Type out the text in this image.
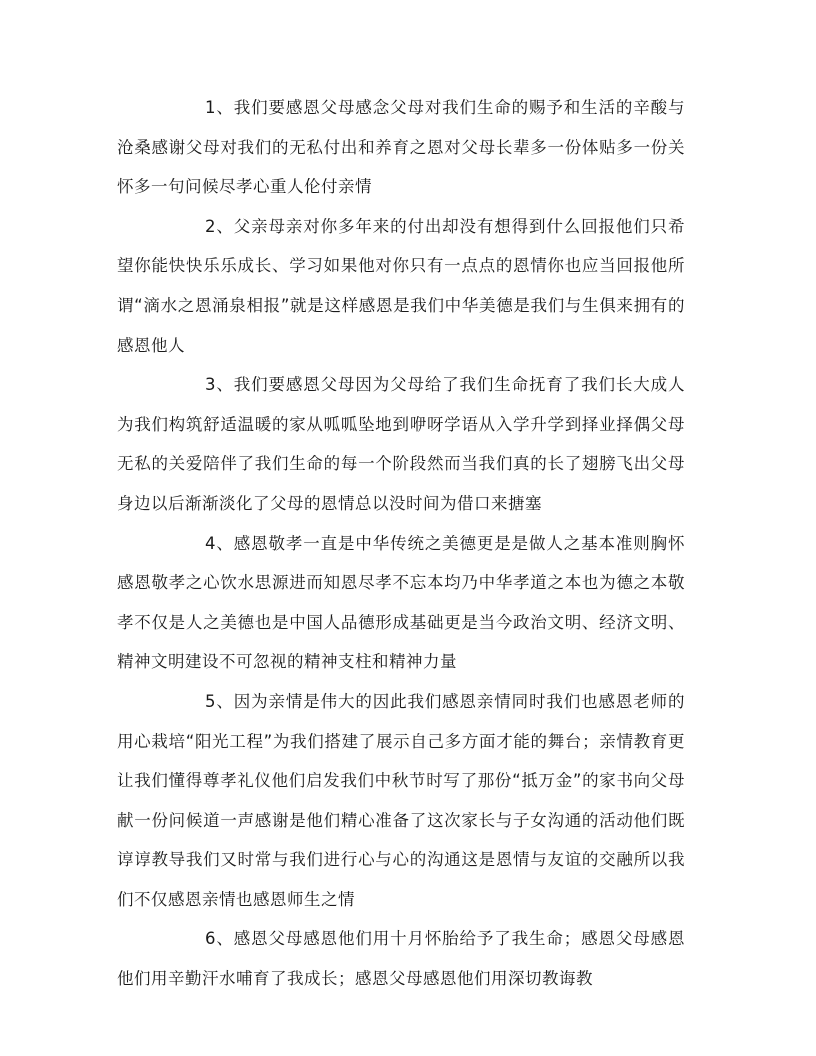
1、我们要感恩父母感念父母对我们生命的赐予和生活的辛酸与沧桑感谢父母对我们的无私付出和养育之恩对父母长辈多一份体贴多一份关怀多一句问候尽孝心重人伦付亲情

2、父亲母亲对你多年来的付出却没有想得到什么回报他们只希望你能快快乐乐成长、学习如果他对你只有一点点的恩情你也应当回报他所谓“滴水之恩涌泉相报”就是这样感恩是我们中华美德是我们与生俱来拥有的感恩他人

3、我们要感恩父母因为父母给了我们生命抚育了我们长大成人为我们构筑舒适温暖的家从呱呱坠地到咿呀学语从入学升学到择业择偶父母无私的关爱陪伴了我们生命的每一个阶段然而当我们真的长了翅膀飞出父母身边以后渐渐淡化了父母的恩情总以没时间为借口来搪塞

4、感恩敬孝一直是中华传统之美德更是是做人之基本准则胸怀感恩敬孝之心饮水思源进而知恩尽孝不忘本均乃中华孝道之本也为德之本敬孝不仅是人之美德也是中国人品德形成基础更是当今政治文明、经济文明、精神文明建设不可忽视的精神支柱和精神力量

5、因为亲情是伟大的因此我们感恩亲情同时我们也感恩老师的用心栽培“阳光工程”为我们搭建了展示自己多方面才能的舞台；亲情教育更让我们懂得尊孝礼仪他们启发我们中秋节时写了那份“抵万金”的家书向父母献一份问候道一声感谢是他们精心准备了这次家长与子女沟通的活动他们既谆谆教导我们又时常与我们进行心与心的沟通这是恩情与友谊的交融所以我们不仅感恩亲情也感恩师生之情

6、感恩父母感恩他们用十月怀胎给予了我生命；感恩父母感恩他们用辛勤汗水哺育了我成长；感恩父母感恩他们用深切教诲教
